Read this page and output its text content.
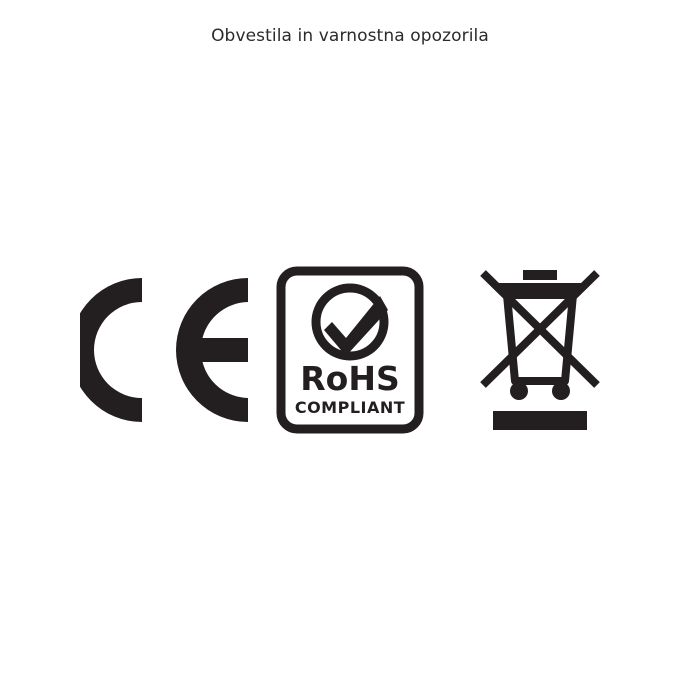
Obvestila in varnostna opozorila
RoHS
COMPLIANT
